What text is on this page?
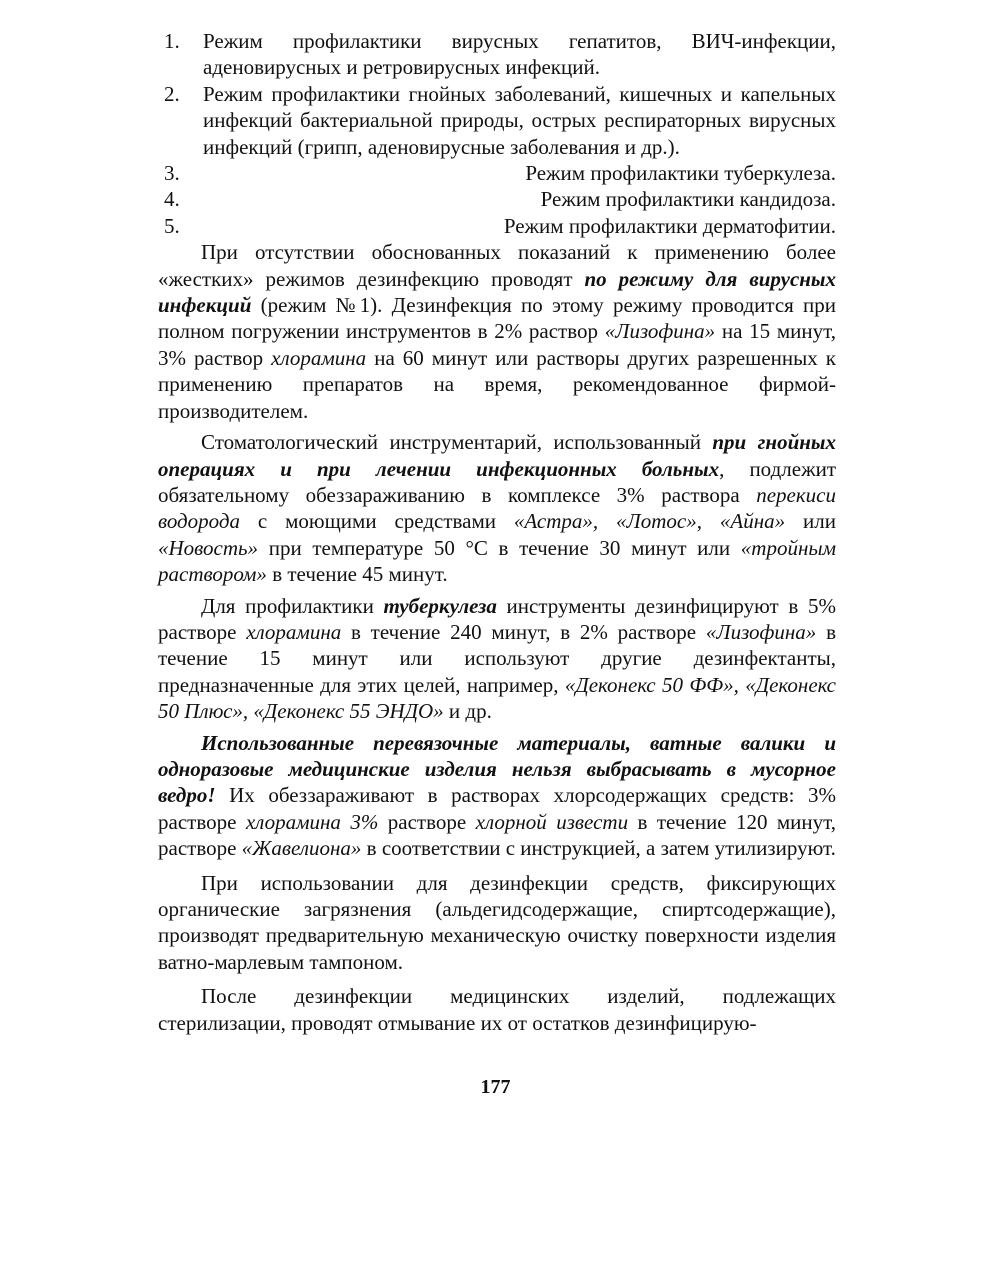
1. Режим профилактики вирусных гепатитов, ВИЧ-инфекции, аденовирусных и ретровирусных инфекций.
2. Режим профилактики гнойных заболеваний, кишечных и капельных инфекций бактериальной природы, острых респираторных вирусных инфекций (грипп, аденовирусные заболевания и др.).
3.	Режим профилактики туберкулеза.
4.	Режим профилактики кандидоза.
5.	Режим профилактики дерматофитии.

При отсутствии обоснованных показаний к применению более «жестких» режимов дезинфекцию проводят по режиму для вирусных инфекций (режим №1). Дезинфекция по этому режиму проводится при полном погружении инструментов в 2% раствор «Лизофина» на 15 минут, 3% раствор хлорамина на 60 минут или растворы других разрешенных к применению препаратов на время, рекомендованное фирмой-производителем.

Стоматологический инструментарий, использованный при гнойных операциях и при лечении инфекционных больных, подлежит обязательному обеззараживанию в комплексе 3% раствора перекиси водорода с моющими средствами «Астра», «Лотос», «Айна» или «Новость» при температуре 50 °С в течение 30 минут или «тройным раствором» в течение 45 минут.

Для профилактики туберкулеза инструменты дезинфицируют в 5% растворе хлорамина в течение 240 минут, в 2% растворе «Лизофина» в течение 15 минут или используют другие дезинфектанты, предназначенные для этих целей, например, «Деконекс 50 ФФ», «Деконекс 50 Плюс», «Деконекс 55 ЭНДО» и др.

Использованные перевязочные материалы, ватные валики и одноразовые медицинские изделия нельзя выбрасывать в мусорное ведро! Их обеззараживают в растворах хлорсодержащих средств: 3% растворе хлорамина 3% растворе хлорной извести в течение 120 минут, растворе «Жавелиона» в соответствии с инструкцией, а затем утилизируют.

При использовании для дезинфекции средств, фиксирующих органические загрязнения (альдегидсодержащие, спиртсодержащие), производят предварительную механическую очистку поверхности изделия ватно-марлевым тампоном.

После дезинфекции медицинских изделий, подлежащих стерилизации, проводят отмывание их от остатков дезинфицирую-

177
